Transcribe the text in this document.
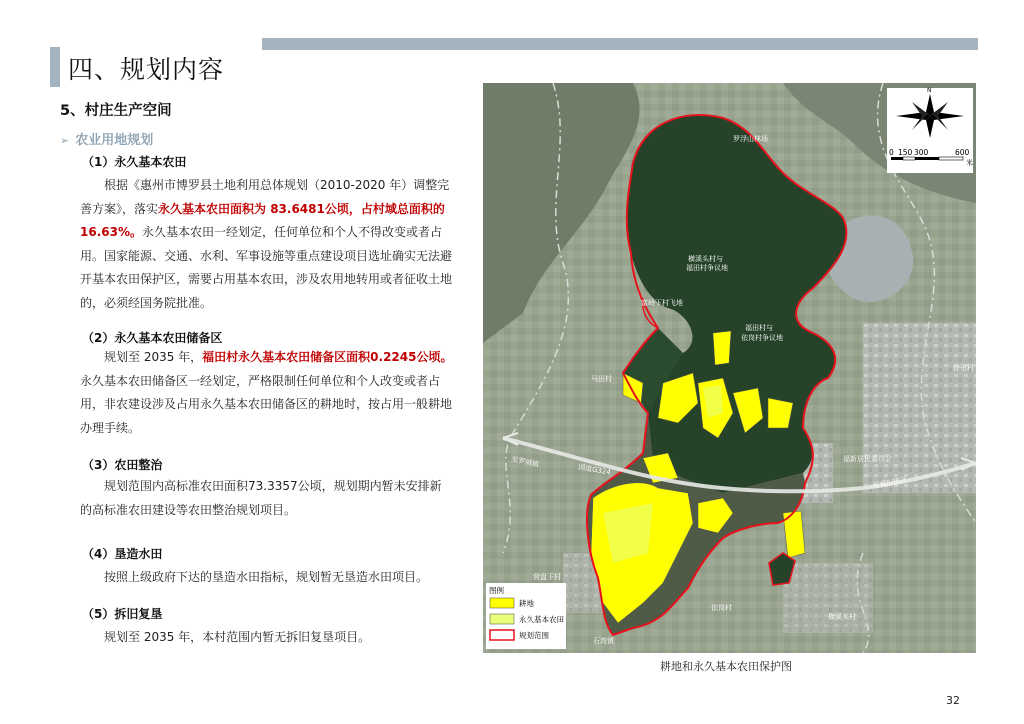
四、规划内容
5、村庄生产空间
➢ 农业用地规划
（1）永久基本农田
根据《惠州市博罗县土地利用总体规划（2010-2020 年）调整完善方案》，落实永久基本农田面积为 83.6481公顷，占村域总面积的16.63%。永久基本农田一经划定，任何单位和个人不得改变或者占用。国家能源、交通、水利、军事设施等重点建设项目选址确实无法避开基本农田保护区，需要占用基本农田，涉及农用地转用或者征收土地的，必须经国务院批准。
（2）永久基本农田储备区
规划至 2035 年，福田村永久基本农田储备区面积0.2245公顷。永久基本农田储备区一经划定，严格限制任何单位和个人改变或者占用，非农建设涉及占用永久基本农田储备区的耕地时，按占用一般耕地办理手续。
（3）农田整治
规划范围内高标准农田面积73.3357公顷，规划期内暂未安排新的高标准农田建设等农田整治规划项目。
（4）垦造水田
按照上级政府下达的垦造水田指标，规划暂无垦造水田项目。
（5）拆旧复垦
规划至 2035 年，本村范围内暂无拆旧复垦项目。
罗浮山林场
横溪头村与
福田村争议地
富岭下村飞地
福田村与
依岗村争议地
马田村
徐田村
至罗城镇
国道G324
福新居民委员会
至福田镇区
营盘下村
依岗村
横溪头村
石湾镇
N
0 150 300	600
米
图例
耕地
永久基本农田
规划范围
耕地和永久基本农田保护图
32
